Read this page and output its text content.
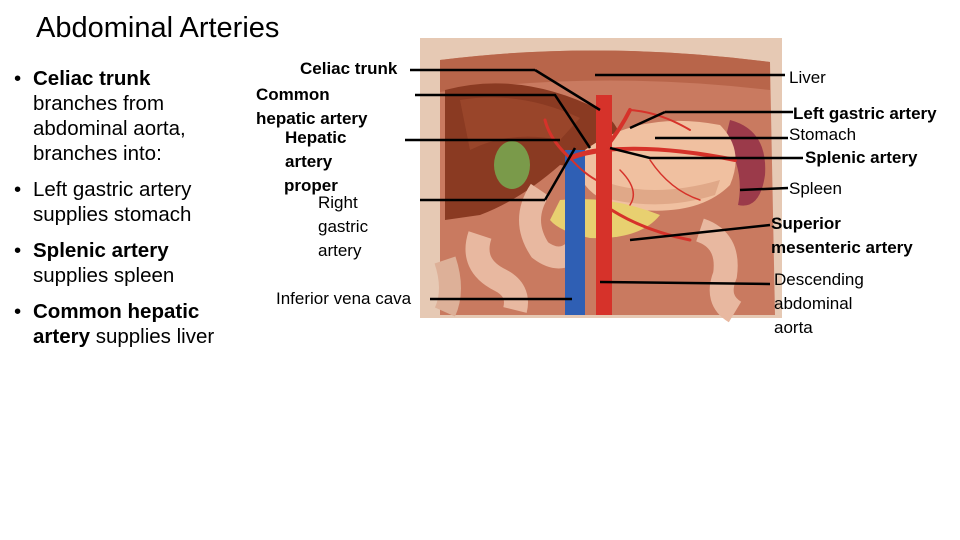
Abdominal Arteries
• Celiac trunk
branches from abdominal aorta, branches into:
• Left gastric artery supplies stomach
• Splenic artery
supplies spleen
• Common hepatic artery supplies liver
Celiac trunk
Common
hepatic artery
Hepatic
artery
proper
Right
gastric
artery
Inferior vena cava
Liver
Left gastric artery
Stomach
Splenic artery
Spleen
Superior
mesenteric artery
Descending
abdominal
aorta
